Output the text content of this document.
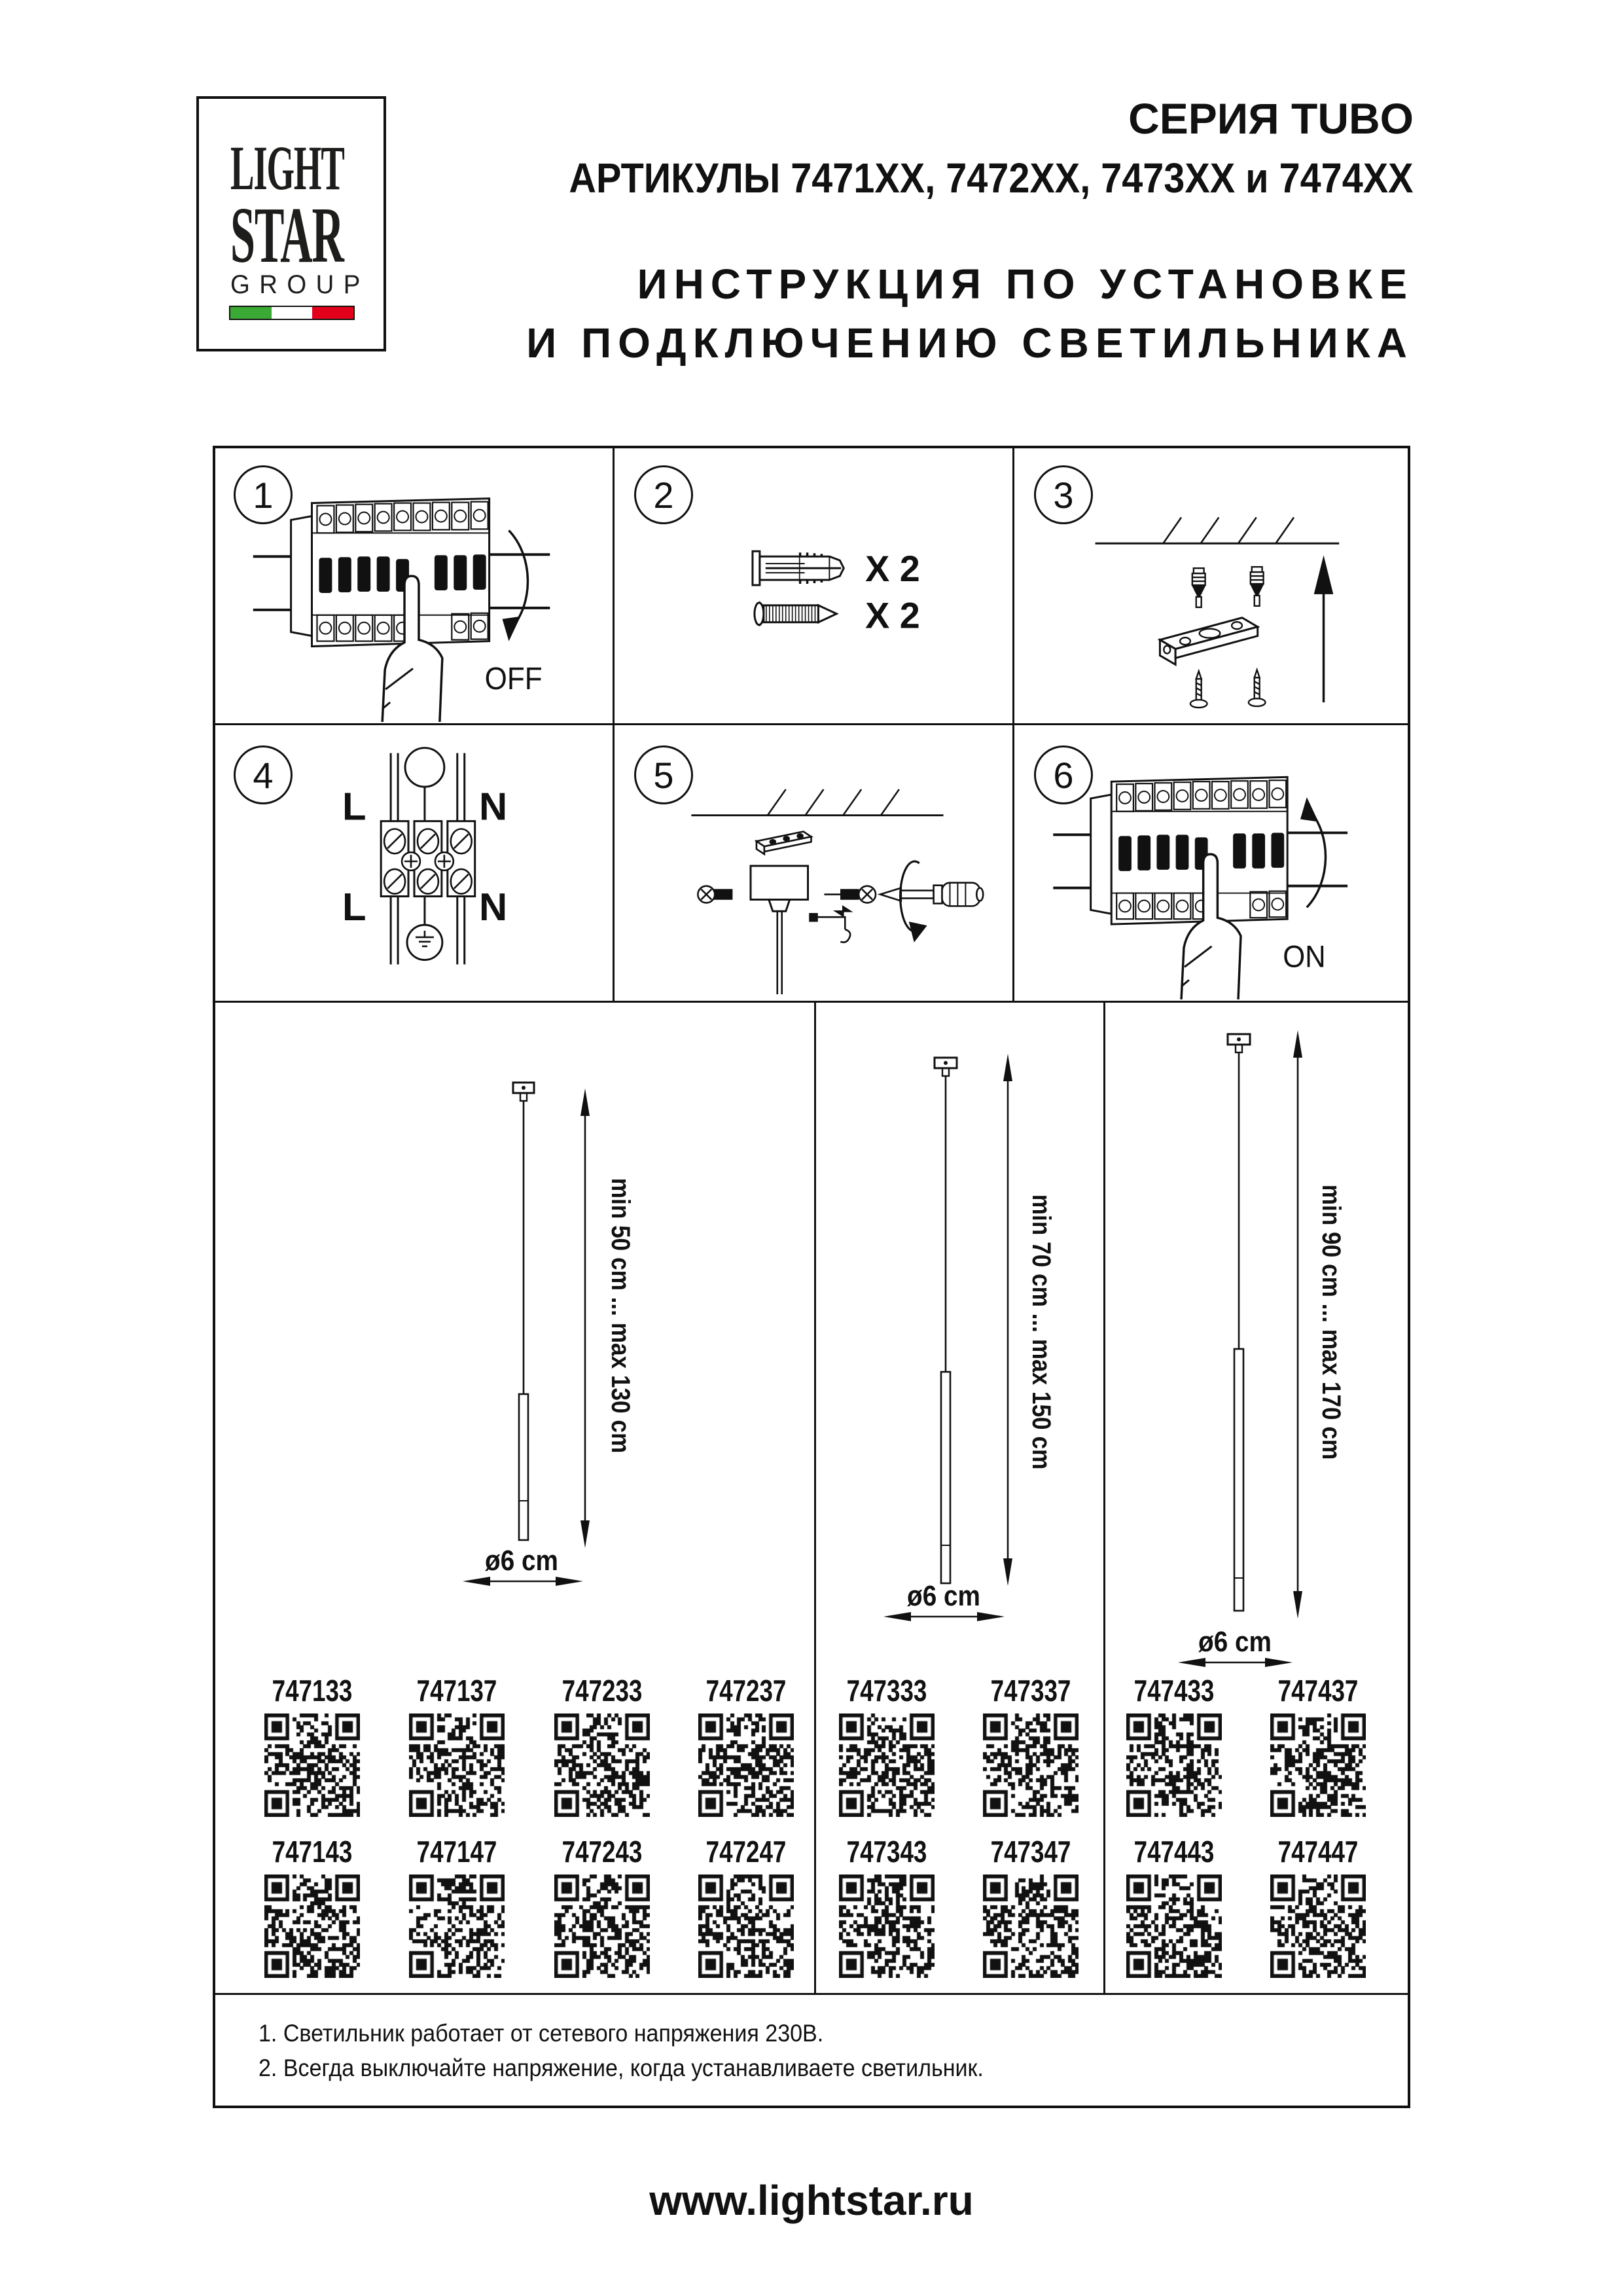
LIGHT
STAR
GROUP
СЕРИЯ TUBO
АРТИКУЛЫ 7471XX, 7472XX, 7473XX и 7474XX
ИНСТРУКЦИЯ ПО УСТАНОВКЕ
И ПОДКЛЮЧЕНИЮ СВЕТИЛЬНИКА
1	2	3
4	5	6
OFF
X 2
X 2
L	N
L	N
ON
min 50 cm ... max 130 cm
ø6 cm
min 70 cm ... max 150 cm
ø6 cm
min 90 cm ... max 170 cm
ø6 cm
747133	747137	747233	747237	747333	747337	747433	747437
747143	747147	747243	747247	747343	747347	747443	747447
1. Светильник работает от сетевого напряжения 230В.
2. Всегда выключайте напряжение, когда устанавливаете светильник.
www.lightstar.ru
